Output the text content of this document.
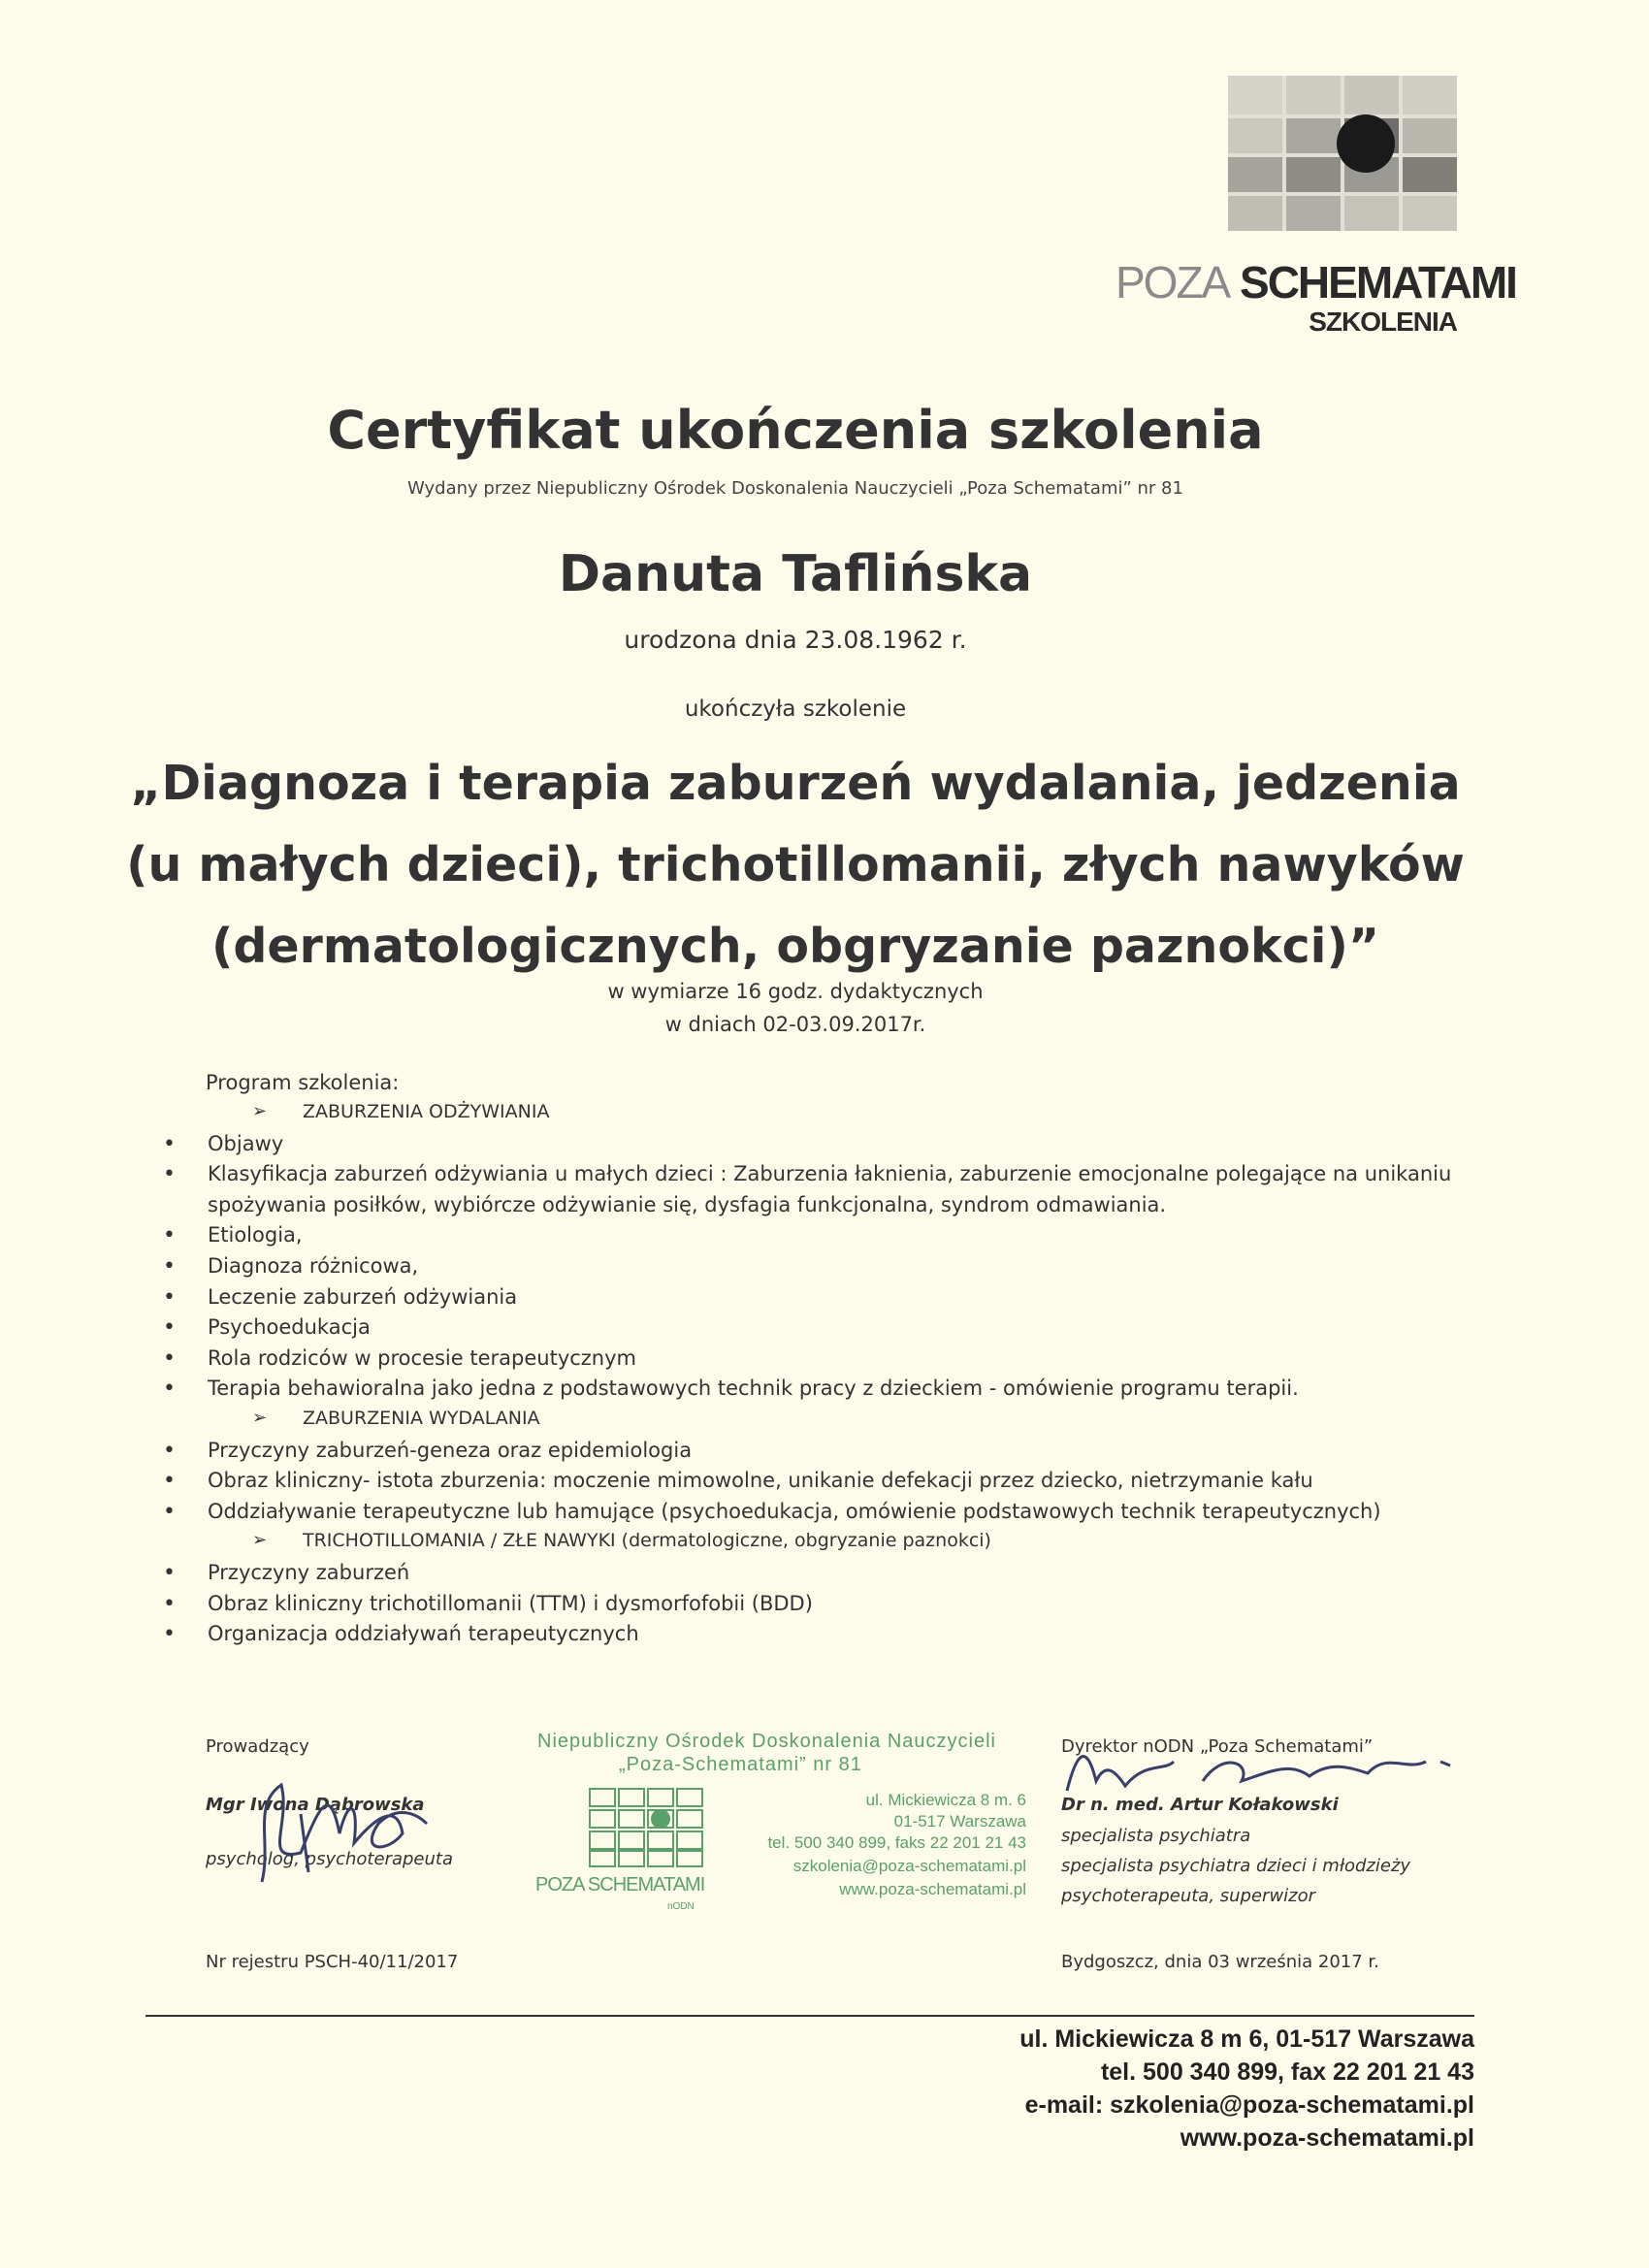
POZA SCHEMATAMI
SZKOLENIA
Certyfikat ukończenia szkolenia
Wydany przez Niepubliczny Ośrodek Doskonalenia Nauczycieli „Poza Schematami” nr 81
Danuta Taflińska
urodzona dnia 23.08.1962 r.
ukończyła szkolenie
„Diagnoza i terapia zaburzeń wydalania, jedzenia
(u małych dzieci), trichotillomanii, złych nawyków
(dermatologicznych, obgryzanie paznokci)”
w wymiarze 16 godz. dydaktycznych
w dniach 02-03.09.2017r.
Program szkolenia:
➢ ZABURZENIA ODŻYWIANIA
• Objawy
• Klasyfikacja zaburzeń odżywiania u małych dzieci : Zaburzenia łaknienia, zaburzenie emocjonalne polegające na unikaniu
spożywania posiłków, wybiórcze odżywianie się, dysfagia funkcjonalna, syndrom odmawiania.
• Etiologia,
• Diagnoza różnicowa,
• Leczenie zaburzeń odżywiania
• Psychoedukacja
• Rola rodziców w procesie terapeutycznym
• Terapia behawioralna jako jedna z podstawowych technik pracy z dzieckiem - omówienie programu terapii.
➢ ZABURZENIA WYDALANIA
• Przyczyny zaburzeń-geneza oraz epidemiologia
• Obraz kliniczny- istota zburzenia: moczenie mimowolne, unikanie defekacji przez dziecko, nietrzymanie kału
• Oddziaływanie terapeutyczne lub hamujące (psychoedukacja, omówienie podstawowych technik terapeutycznych)
➢ TRICHOTILLOMANIA / ZŁE NAWYKI (dermatologiczne, obgryzanie paznokci)
• Przyczyny zaburzeń
• Obraz kliniczny trichotillomanii (TTM) i dysmorfofobii (BDD)
• Organizacja oddziaływań terapeutycznych
Prowadzący
Mgr Iwona Dąbrowska
psycholog, psychoterapeuta
Niepubliczny Ośrodek Doskonalenia Nauczycieli
„Poza-Schematami” nr 81
POZA SCHEMATAMI
nODN
ul. Mickiewicza 8 m. 6
01-517 Warszawa
tel. 500 340 899, faks 22 201 21 43
szkolenia@poza-schematami.pl
www.poza-schematami.pl
Dyrektor nODN „Poza Schematami”
Dr n. med. Artur Kołakowski
specjalista psychiatra
specjalista psychiatra dzieci i młodzieży
psychoterapeuta, superwizor
Nr rejestru PSCH-40/11/2017	Bydgoszcz, dnia 03 września 2017 r.
ul. Mickiewicza 8 m 6, 01-517 Warszawa
tel. 500 340 899, fax 22 201 21 43
e-mail: szkolenia@poza-schematami.pl
www.poza-schematami.pl
